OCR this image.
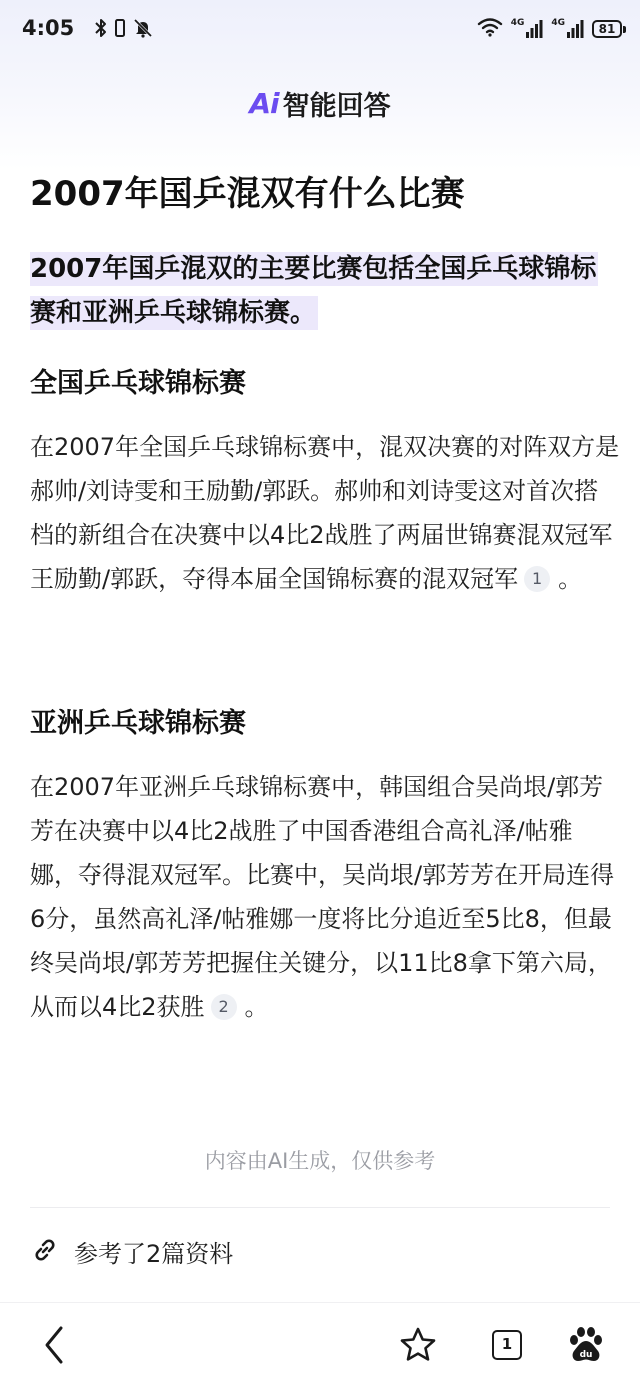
4:05	4G	4G	81
Ai 智能回答
2007年国乒混双有什么比赛

2007年国乒混双的主要比赛包括全国乒乓球锦标赛和亚洲乒乓球锦标赛。

全国乒乓球锦标赛

在2007年全国乒乓球锦标赛中，混双决赛的对阵双方是郝帅/刘诗雯和王励勤/郭跃。郝帅和刘诗雯这对首次搭档的新组合在决赛中以4比2战胜了两届世锦赛混双冠军王励勤/郭跃，夺得本届全国锦标赛的混双冠军 1 。

亚洲乒乓球锦标赛

在2007年亚洲乒乓球锦标赛中，韩国组合吴尚垠/郭芳芳在决赛中以4比2战胜了中国香港组合高礼泽/帖雅娜，夺得混双冠军。比赛中，吴尚垠/郭芳芳在开局连得6分，虽然高礼泽/帖雅娜一度将比分追近至5比8，但最终吴尚垠/郭芳芳把握住关键分，以11比8拿下第六局，从而以4比2获胜 2 。

内容由AI生成，仅供参考

参考了2篇资料
1
du
